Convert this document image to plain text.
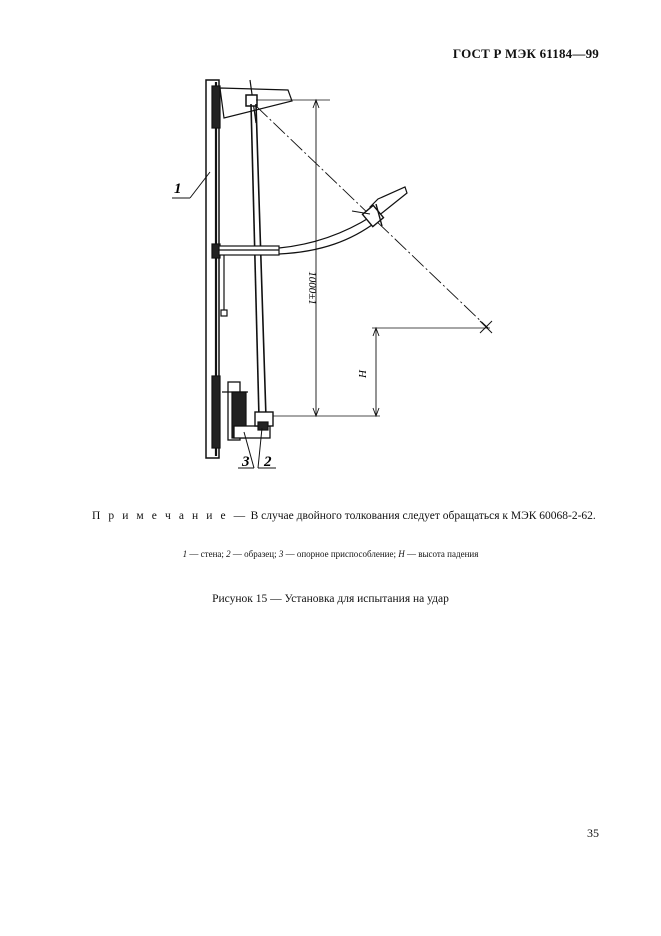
ГОСТ Р МЭК 61184—99
1
3 2
1000±1
H
П р и м е ч а н и е — В случае двойного толкования следует обращаться к МЭК 60068-2-62.
1 — стена; 2 — образец; 3 — опорное приспособление; H — высота падения
Рисунок 15 — Установка для испытания на удар
35
